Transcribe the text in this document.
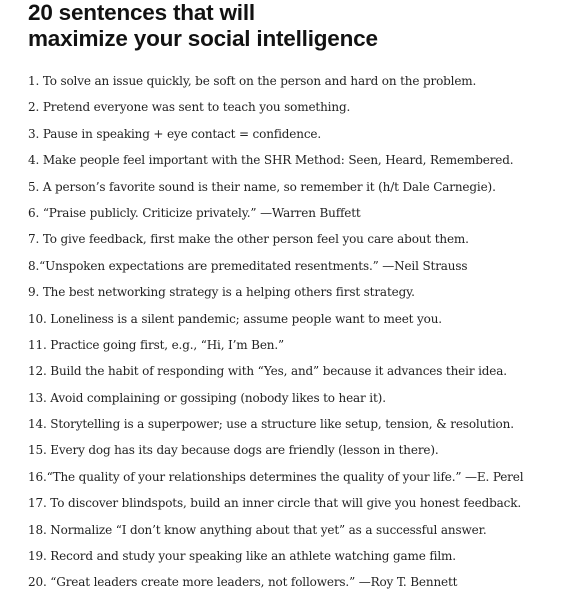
20 sentences that will
maximize your social intelligence
1. To solve an issue quickly, be soft on the person and hard on the problem.
2. Pretend everyone was sent to teach you something.
3. Pause in speaking + eye contact = confidence.
4. Make people feel important with the SHR Method: Seen, Heard, Remembered.
5. A person’s favorite sound is their name, so remember it (h/t Dale Carnegie).
6. “Praise publicly. Criticize privately.” —Warren Buffett
7. To give feedback, first make the other person feel you care about them.
8.“Unspoken expectations are premeditated resentments.” —Neil Strauss
9. The best networking strategy is a helping others first strategy.
10. Loneliness is a silent pandemic; assume people want to meet you.
11. Practice going first, e.g., “Hi, I’m Ben.”
12. Build the habit of responding with “Yes, and” because it advances their idea.
13. Avoid complaining or gossiping (nobody likes to hear it).
14. Storytelling is a superpower; use a structure like setup, tension, & resolution.
15. Every dog has its day because dogs are friendly (lesson in there).
16.“The quality of your relationships determines the quality of your life.” —E. Perel
17. To discover blindspots, build an inner circle that will give you honest feedback.
18. Normalize “I don’t know anything about that yet” as a successful answer.
19. Record and study your speaking like an athlete watching game film.
20. “Great leaders create more leaders, not followers.” —Roy T. Bennett
